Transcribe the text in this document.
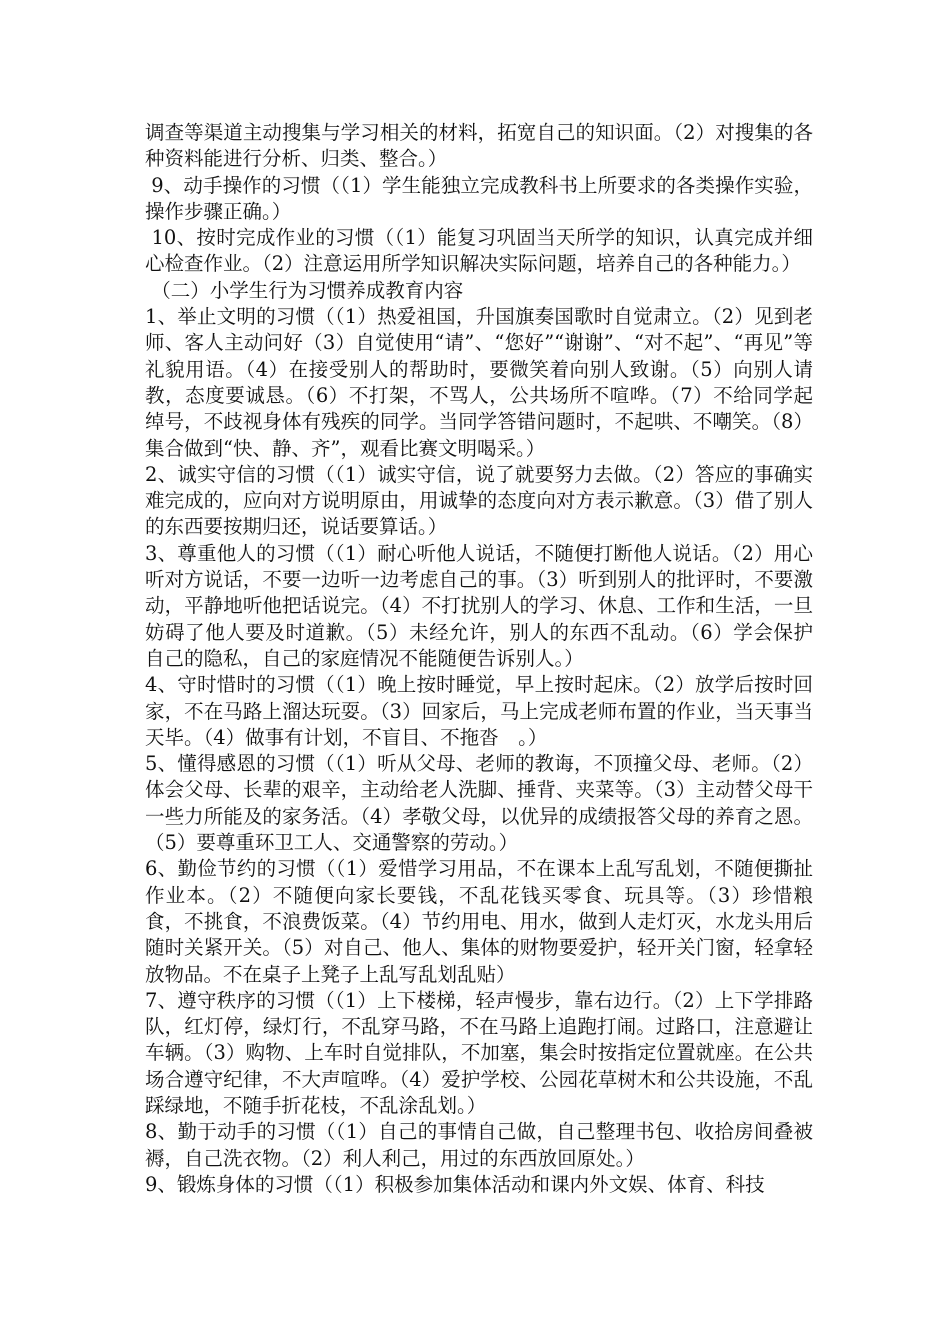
调查等渠道主动搜集与学习相关的材料，拓宽自己的知识面。（2）对搜集的各种资料能进行分析、归类、整合。）

9、动手操作的习惯（（1）学生能独立完成教科书上所要求的各类操作实验，操作步骤正确。）

10、按时完成作业的习惯（（1）能复习巩固当天所学的知识，认真完成并细心检查作业。（2）注意运用所学知识解决实际问题，培养自己的各种能力。）

（二）小学生行为习惯养成教育内容

1、举止文明的习惯（（1）热爱祖国，升国旗奏国歌时自觉肃立。（2）见到老师、客人主动问好（3）自觉使用“请”、“您好”“谢谢”、“对不起”、“再见”等礼貌用语。（4）在接受别人的帮助时，要微笑着向别人致谢。（5）向别人请教，态度要诚恳。（6）不打架，不骂人，公共场所不喧哗。（7）不给同学起绰号，不歧视身体有残疾的同学。当同学答错问题时，不起哄、不嘲笑。（8）集合做到“快、静、齐”，观看比赛文明喝采。）

2、诚实守信的习惯（（1）诚实守信，说了就要努力去做。（2）答应的事确实难完成的，应向对方说明原由，用诚挚的态度向对方表示歉意。（3）借了别人的东西要按期归还，说话要算话。）

3、尊重他人的习惯（（1）耐心听他人说话，不随便打断他人说话。（2）用心听对方说话，不要一边听一边考虑自己的事。（3）听到别人的批评时，不要激动，平静地听他把话说完。（4）不打扰别人的学习、休息、工作和生活，一旦妨碍了他人要及时道歉。（5）未经允许，别人的东西不乱动。（6）学会保护自己的隐私，自己的家庭情况不能随便告诉别人。）

4、守时惜时的习惯（（1）晚上按时睡觉，早上按时起床。（2）放学后按时回家，不在马路上溜达玩耍。（3）回家后，马上完成老师布置的作业，当天事当天毕。（4）做事有计划，不盲目、不拖沓　。）

5、懂得感恩的习惯（（1）听从父母、老师的教诲，不顶撞父母、老师。（2）体会父母、长辈的艰辛，主动给老人洗脚、捶背、夹菜等。（3）主动替父母干一些力所能及的家务活。（4）孝敬父母，以优异的成绩报答父母的养育之恩。（5）要尊重环卫工人、交通警察的劳动。）

6、勤俭节约的习惯（（1）爱惜学习用品，不在课本上乱写乱划，不随便撕扯作业本。（2）不随便向家长要钱，不乱花钱买零食、玩具等。（3）珍惜粮食，不挑食，不浪费饭菜。（4）节约用电、用水，做到人走灯灭，水龙头用后随时关紧开关。（5）对自己、他人、集体的财物要爱护，轻开关门窗，轻拿轻放物品。不在桌子上凳子上乱写乱划乱贴）

7、遵守秩序的习惯（（1）上下楼梯，轻声慢步，靠右边行。（2）上下学排路队，红灯停，绿灯行，不乱穿马路，不在马路上追跑打闹。过路口，注意避让车辆。（3）购物、上车时自觉排队，不加塞，集会时按指定位置就座。在公共场合遵守纪律，不大声喧哗。（4）爱护学校、公园花草树木和公共设施，不乱踩绿地，不随手折花枝，不乱涂乱划。）

8、勤于动手的习惯（（1）自己的事情自己做，自己整理书包、收拾房间叠被褥，自己洗衣物。（2）利人利己，用过的东西放回原处。）

9、锻炼身体的习惯（（1）积极参加集体活动和课内外文娱、体育、科技
